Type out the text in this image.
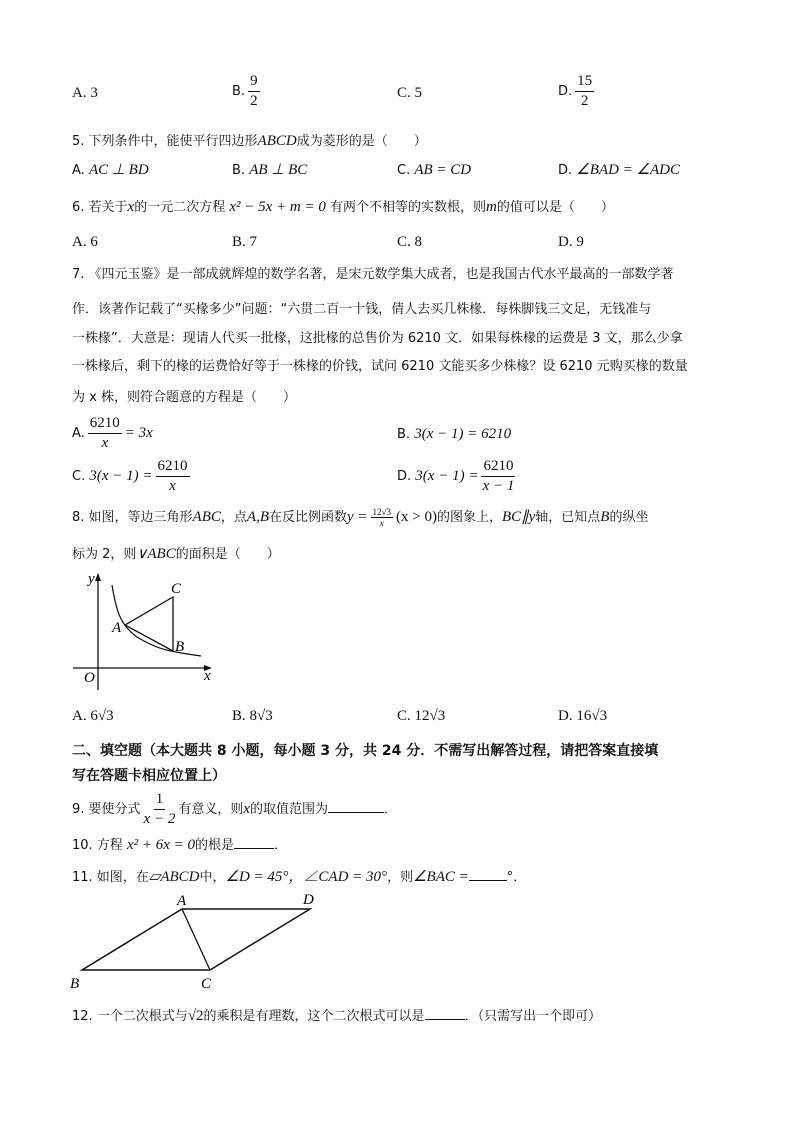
A. 3	B. $\frac{9}{2}$	C. 5	D. $\frac{15}{2}$
5. 下列条件中，能使平行四边形ABCD成为菱形的是（　　）
A. AC ⊥ BD	B. AB ⊥ BC	C. AB = CD	D. ∠BAD = ∠ADC
6. 若关于x的一元二次方程 x² − 5x + m = 0 有两个不相等的实数根，则m的值可以是（　　）
A. 6	B. 7	C. 8	D. 9
7. 《四元玉鉴》是一部成就辉煌的数学名著，是宋元数学集大成者，也是我国古代水平最高的一部数学著
作．该著作记载了“买椽多少”问题：“六贯二百一十钱，倩人去买几株椽．每株脚钱三文足，无钱准与
一株椽”．大意是：现请人代买一批椽，这批椽的总售价为 6210 文．如果每株椽的运费是 3 文，那么少拿
一株椽后，剩下的椽的运费恰好等于一株椽的价钱，试问 6210 文能买多少株椽？设 6210 元购买椽的数量
为 x 株，则符合题意的方程是（　　）
A. $\frac{6210}{x} = 3x$	B. 3(x − 1) = 6210
C. $3(x - 1) = \frac{6210}{x}$	D. $3(x - 1) = \frac{6210}{x - 1}$
8. 如图，等边三角形ABC，点A,B在反比例函数$y = \frac{12√3}{x} (x > 0)$的图象上，BC∥y轴，已知点B的纵坐
标为 2，则∨ABC的面积是（　　）
y
C
A
B
O	x
A. 6√3	B. 8√3	C. 12√3	D. 16√3
二、填空题（本大题共 8 小题，每小题 3 分，共 24 分．不需写出解答过程，请把答案直接填
写在答题卡相应位置上）
9. 要使分式 $\frac{1}{x - 2}$ 有意义，则x的取值范围为	．
10. 方程 x² + 6x = 0的根是	．
11. 如图，在▱ABCD中，∠D = 45°，∠CAD = 30°，则∠BAC =	°．
A	D
B	C
12. 一个二次根式与√2的乘积是有理数，这个二次根式可以是	．（只需写出一个即可）
